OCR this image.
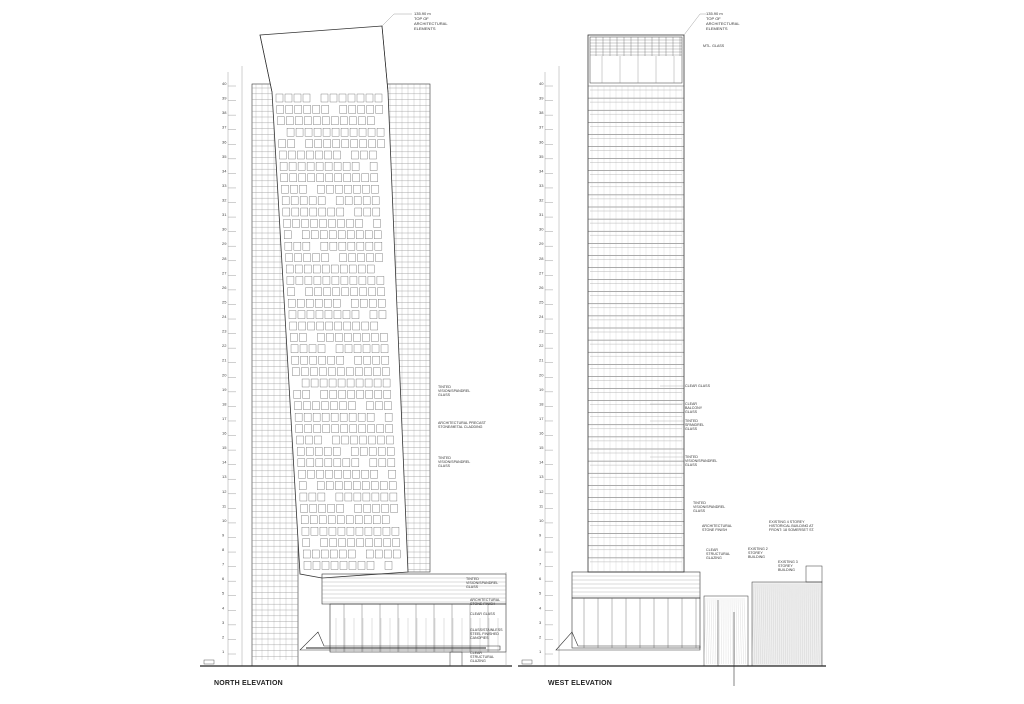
1
2
3
4
5
6
7
8
9
10
11
12
13
14
15
16
17
18
19
20
21
22
23
24
25
26
27
28
29
30
31
32
33
34
35
36
37
38
39
40
1
2
3
4
5
6
7
8
9
10
11
12
13
14
15
16
17
18
19
20
21
22
23
24
25
26
27
28
29
30
31
32
33
34
35
36
37
38
39
40
NORTH ELEVATION	WEST ELEVATION
135.90 m
TOP OF
ARCHITECTURAL
ELEMENTS
135.90 m
TOP OF
ARCHITECTURAL
ELEMENTS
TINTED
VISION/SPANDREL
GLASS
ARCHITECTURAL PRECAST
STONE/METAL CLADDING
TINTED
VISION/SPANDREL
GLASS
TINTED
VISION/SPANDREL
GLASS
ARCHITECTURAL
STONE FINISH
CLEAR GLASS
GLASS/STAINLESS
STEEL FINISHED
CANOPIES
CLEAR
STRUCTURAL
GLAZING
MTL. GLASS
CLEAR GLASS
CLEAR
BALCONY
GLASS
TINTED
SPANDREL
GLASS
TINTED
VISION/SPANDREL
GLASS
TINTED
VISION/SPANDREL
GLASS
ARCHITECTURAL
STONE FINISH
CLEAR
STRUCTURAL
GLAZING
EXISTING 2
STOREY
BUILDING
EXISTING 3
STOREY
BUILDING
EXISTING 4 STOREY
HISTORICAL BUILDING AT
FRONT: 18 SOMERSET ST.
